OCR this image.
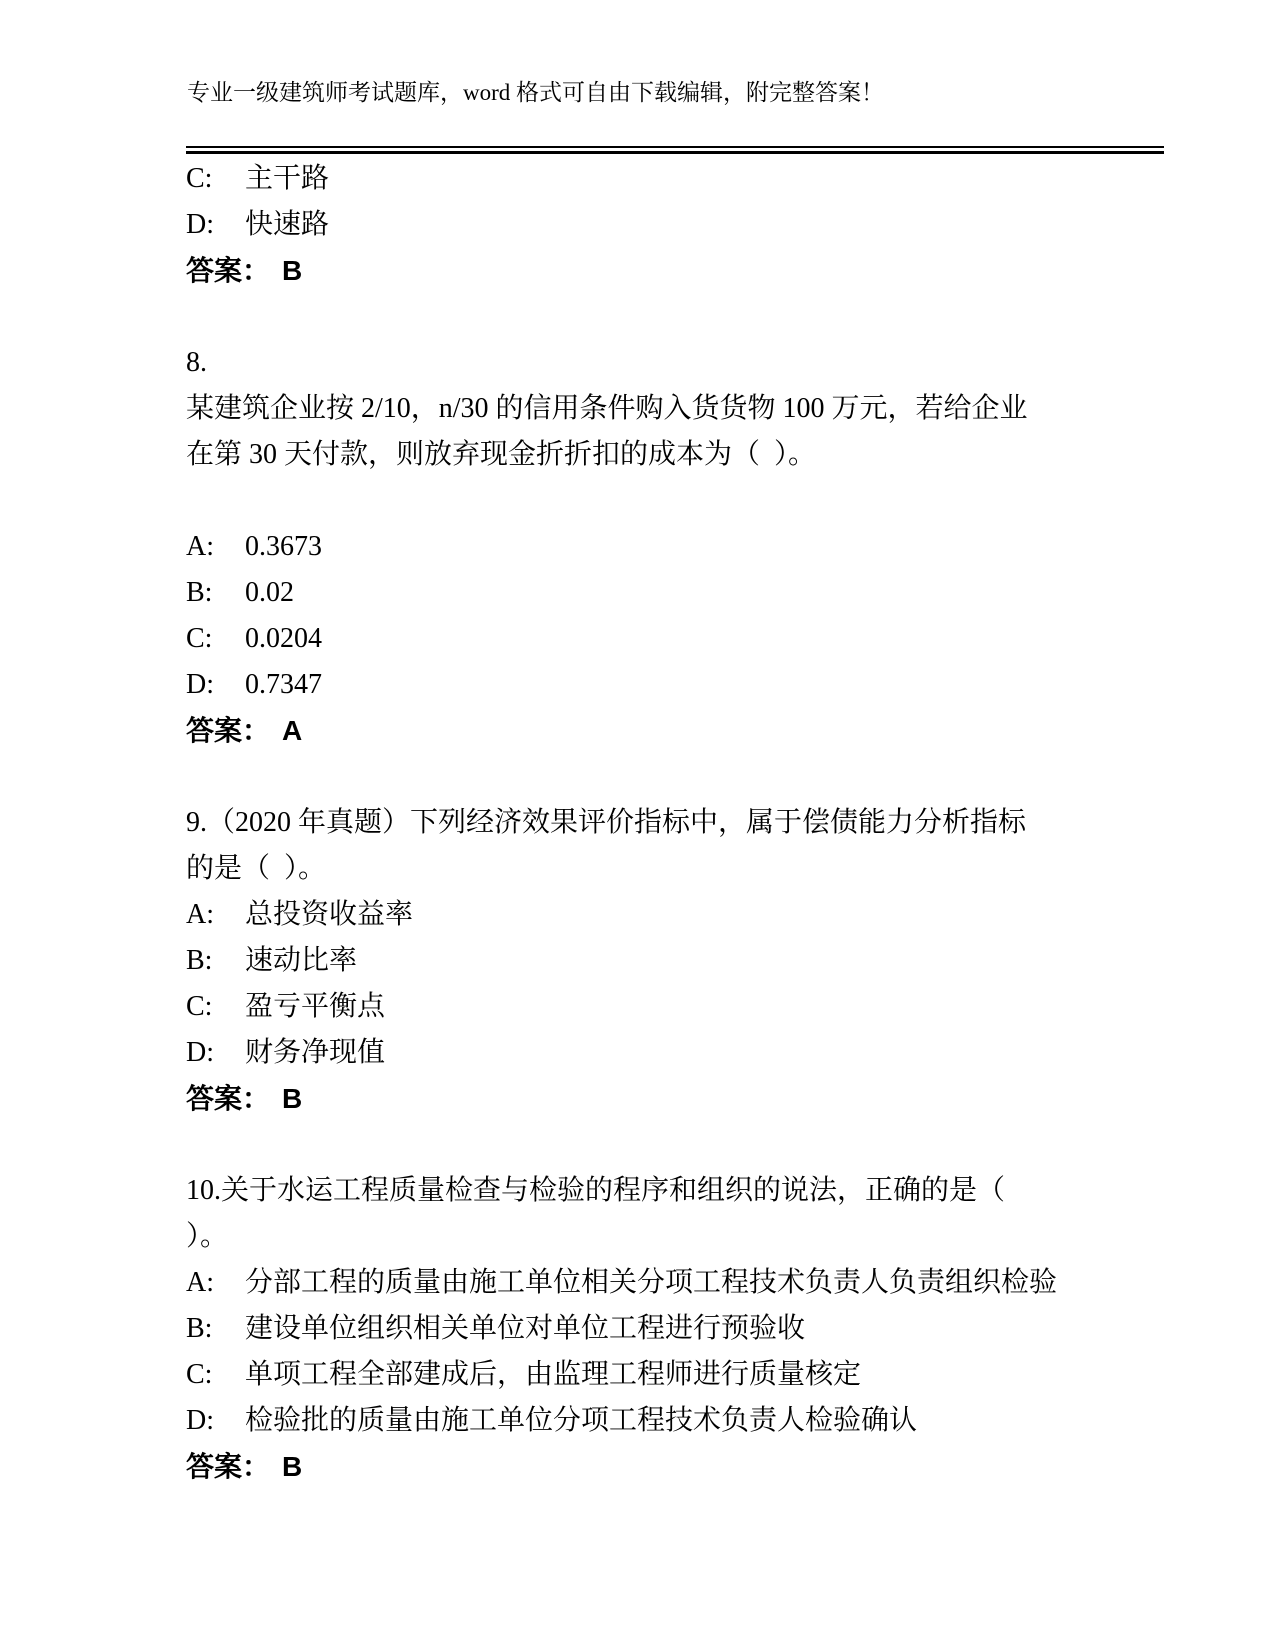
专业一级建筑师考试题库，word 格式可自由下载编辑，附完整答案！
C: 主干路
D: 快速路
答案： B
8.
某建筑企业按 2/10，n/30 的信用条件购入货货物 100 万元，若给企业
在第 30 天付款，则放弃现金折折扣的成本为（  ）。
A: 0.3673
B: 0.02
C: 0.0204
D: 0.7347
答案： A
9.（2020 年真题）下列经济效果评价指标中，属于偿债能力分析指标
的是（  ）。
A: 总投资收益率
B: 速动比率
C: 盈亏平衡点
D: 财务净现值
答案： B
10.关于水运工程质量检查与检验的程序和组织的说法，正确的是（
）。
A: 分部工程的质量由施工单位相关分项工程技术负责人负责组织检验
B: 建设单位组织相关单位对单位工程进行预验收
C: 单项工程全部建成后，由监理工程师进行质量核定
D: 检验批的质量由施工单位分项工程技术负责人检验确认
答案： B
